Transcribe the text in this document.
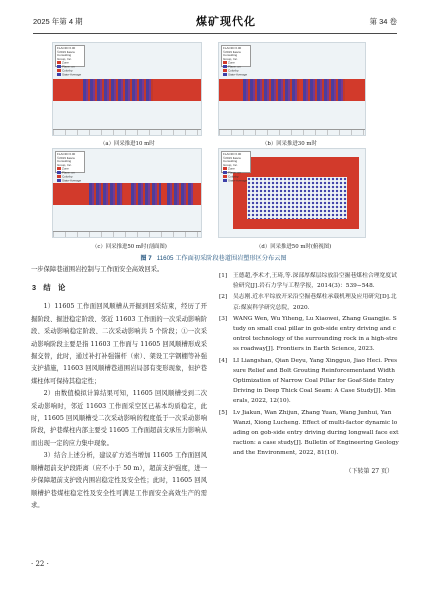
2025 年第 4 期	煤矿现代化	第 34 卷
FLAC3D 6.00
©2019 Itasca Consulting
Group, Inc.
Zone
Plane: on
Colorby:
State-Average
（a）回采推进10 m时
FLAC3D 6.00
©2019 Itasca Consulting
Group, Inc.
Zone
Plane: on
Colorby:
State-Average
（b）回采推进30 m时
FLAC3D 6.00
©2019 Itasca Consulting
Group, Inc.
Zone
Plane: on
Colorby:
State-Average
（c）回采推进50 m时(剖面图)
FLAC3D 6.00
©2019 Itasca Consulting
Group, Inc.
Zone
Plane: on
Colorby:
State-Average
（d）回采推进50 m时(俯视图)
图 7 11605 工作面初采阶段巷道围岩塑形区分布云图

一步保障巷道围岩控制与工作面安全高效回采。

3　结　论

1）11605 工作面回风顺槽从开掘到回采结束，经历了开掘阶段、掘进稳定阶段、邻近 11603 工作面的一次采动影响阶段、采动影响稳定阶段、二次采动影响共 5 个阶段；①一次采动影响阶段主要是指 11603 工作面与 11605 回风顺槽形成采掘交替，此时，通过补打补强锚杆（索）、架设工字钢棚等补强支护措施，11603 回风顺槽巷道围岩局部有变形现象，但护巷煤柱体可保持其稳定性；

2）由数值模拟计算结果可知，11605 回风顺槽受到二次采动影响时，邻近 11603 工作面采空区已基本均质稳定，此时，11605 回风顺槽受二次采动影响的程度低于一次采动影响阶段，护巷煤柱内部主要受 11605 工作面超前支承压力影响从而出现一定的应力集中现象。

3）结合上述分析，建议矿方适当增加 11605 工作面回风顺槽超前支护段距离（应不小于 50 m），超前支护强度，进一步保障超前支护段内围岩稳定性及安全性；此时，11605 回风顺槽护巷煤柱稳定性及安全性可满足工作面安全高效生产的需求。

[1] 王德超,李术才,王琦,等.深部厚煤层综放沿空掘巷煤柱合理宽度试验研究[J].岩石力学与工程学报，2014(3)：539−548.
[2] 吴志刚.近水平综放开采沿空掘巷煤柱承载机理及应用研究[D].北京:煤炭科学研究总院，2020.
[3] WANG Wen, Wu Yiheng, Lu Xiaowei, Zhang Guangjie. Study on small coal pillar in gob-side entry driving and control technology of the surrounding rock in a high-stress roadway[J]. Frontiers in Earth Science, 2023.
[4] LI Liangshan, Qian Deyu, Yang Xingguo, Jiao Heci. Pressure Relief and Bolt Grouting Reinforcementand Width Optimization of Narrow Coal Pillar for Goaf-Side Entry Driving in Deep Thick Coal Seam: A Case Study[J]. Minerals, 2022, 12(10).
[5] Lv Jiakun, Wan Zhijun, Zhang Yuan, Wang Junhui, Yan Wanzi, Xiong Lucheng. Effect of multi-factor dynamic loading on gob-side entry driving during longwall face extraction: a case study[J]. Bulletin of Engineering Geology and the Environment, 2022, 81(10).
（下转第 27 页）
· 22 ·
